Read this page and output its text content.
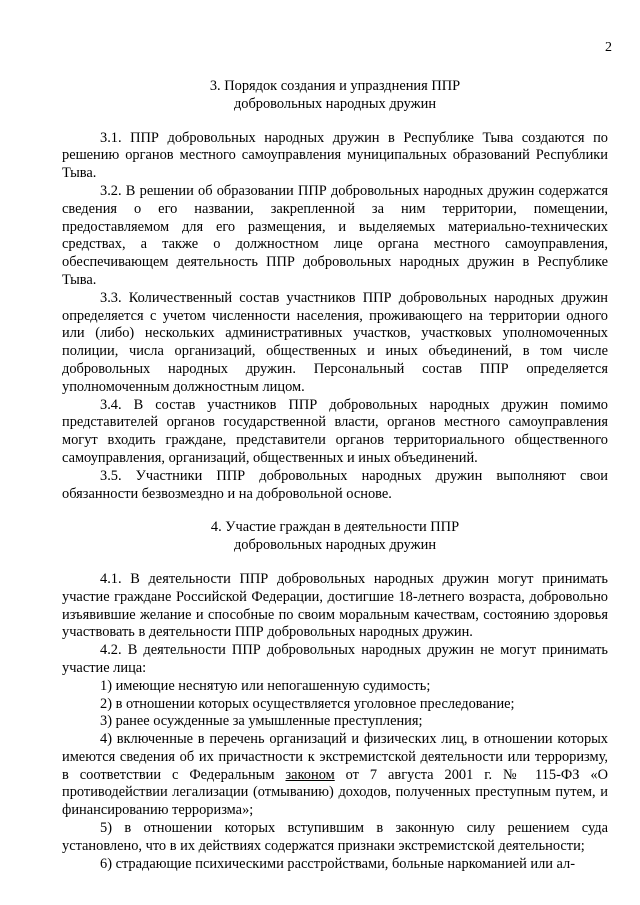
2
3. Порядок создания и упразднения ППР
добровольных народных дружин

3.1. ППР добровольных народных дружин в Республике Тыва создаются по решению органов местного самоуправления муниципальных образований Республики Тыва.

3.2. В решении об образовании ППР добровольных народных дружин содержатся сведения о его названии, закрепленной за ним территории, помещении, предоставляемом для его размещения, и выделяемых материально-технических средствах, а также о должностном лице органа местного самоуправления, обеспечивающем деятельность ППР добровольных народных дружин в Республике Тыва.

3.3. Количественный состав участников ППР добровольных народных дружин определяется с учетом численности населения, проживающего на территории одного или (либо) нескольких административных участков, участковых уполномоченных полиции, числа организаций, общественных и иных объединений, в том числе добровольных народных дружин. Персональный состав ППР определяется уполномоченным должностным лицом.

3.4. В состав участников ППР добровольных народных дружин помимо представителей органов государственной власти, органов местного самоуправления могут входить граждане, представители органов территориального общественного самоуправления, организаций, общественных и иных объединений.

3.5. Участники ППР добровольных народных дружин выполняют свои обязанности безвозмездно и на добровольной основе.

4. Участие граждан в деятельности ППР
добровольных народных дружин

4.1. В деятельности ППР добровольных народных дружин могут принимать участие граждане Российской Федерации, достигшие 18-летнего возраста, добровольно изъявившие желание и способные по своим моральным качествам, состоянию здоровья участвовать в деятельности ППР добровольных народных дружин.

4.2. В деятельности ППР добровольных народных дружин не могут принимать участие лица:

1) имеющие неснятую или непогашенную судимость;

2) в отношении которых осуществляется уголовное преследование;

3) ранее осужденные за умышленные преступления;

4) включенные в перечень организаций и физических лиц, в отношении которых имеются сведения об их причастности к экстремистской деятельности или терроризму, в соответствии с Федеральным законом от 7 августа 2001 г. № 115-ФЗ «О противодействии легализации (отмыванию) доходов, полученных преступным путем, и финансированию терроризма»;

5) в отношении которых вступившим в законную силу решением суда установлено, что в их действиях содержатся признаки экстремистской деятельности;

6) страдающие психическими расстройствами, больные наркоманией или ал-
